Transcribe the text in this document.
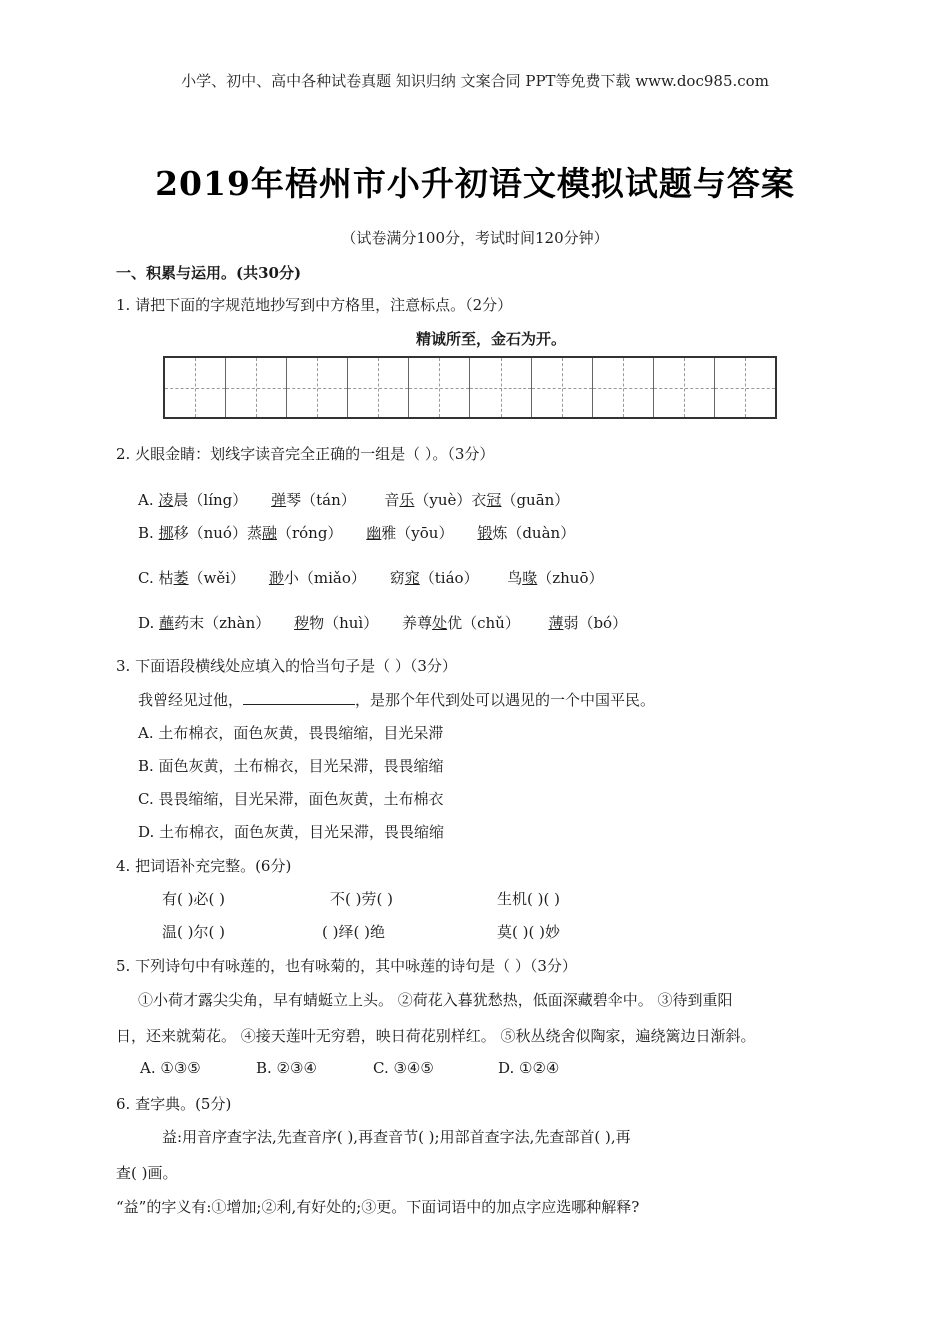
小学、初中、高中各种试卷真题 知识归纳 文案合同 PPT等免费下载 www.doc985.com
2019年梧州市小升初语文模拟试题与答案
（试卷满分100分，考试时间120分钟）
一、积累与运用。(共30分)
1. 请把下面的字规范地抄写到中方格里，注意标点。（2分）
精诚所至，金石为开。
2. 火眼金睛：划线字读音完全正确的一组是（ ）。（3分）
A. 凌晨（líng） 弹琴（tán） 音乐（yuè）衣冠（guān）
B. 挪移（nuó）蒸融（róng） 幽雅（yōu） 锻炼（duàn）
C. 枯萎（wěi） 渺小（miǎo） 窈窕（tiáo） 鸟喙（zhuō）
D. 蘸药末（zhàn） 秽物（huì） 养尊处优（chǔ） 薄弱（bó）
3. 下面语段横线处应填入的恰当句子是（ ）（3分）
我曾经见过他，	，是那个年代到处可以遇见的一个中国平民。
A. 土布棉衣，面色灰黄，畏畏缩缩，目光呆滞
B. 面色灰黄，土布棉衣，目光呆滞，畏畏缩缩
C. 畏畏缩缩，目光呆滞，面色灰黄，土布棉衣
D. 土布棉衣，面色灰黄，目光呆滞，畏畏缩缩
4. 把词语补充完整。(6分)
有( )必( )	不( )劳( )	生机( )( )
温( )尔( )	( )绎( )绝	莫( )( )妙
5. 下列诗句中有咏莲的，也有咏菊的，其中咏莲的诗句是（ ）（3分）
①小荷才露尖尖角，早有蜻蜓立上头。 ②荷花入暮犹愁热，低面深藏碧伞中。 ③待到重阳
日，还来就菊花。 ④接天莲叶无穷碧，映日荷花别样红。 ⑤秋丛绕舍似陶家，遍绕篱边日渐斜。
A. ①③⑤	B. ②③④	C. ③④⑤	D. ①②④
6. 查字典。(5分)
益:用音序查字法,先查音序( ),再查音节( );用部首查字法,先查部首( ),再
查( )画。
“益”的字义有:①增加;②利,有好处的;③更。下面词语中的加点字应选哪种解释?
